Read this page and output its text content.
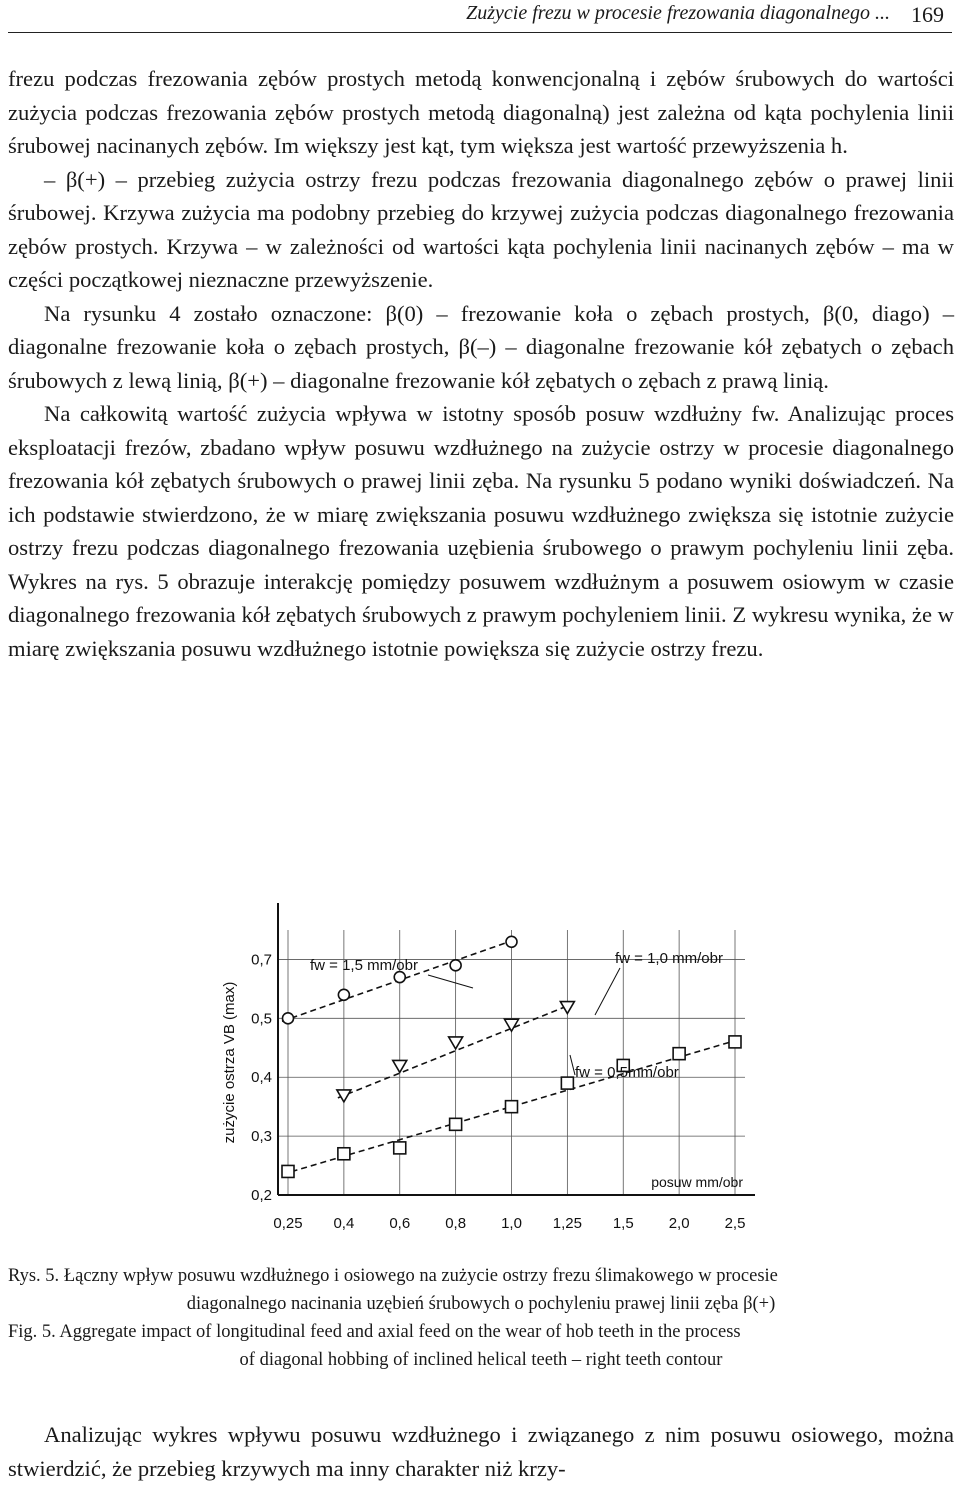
Zużycie frezu w procesie frezowania diagonalnego ... 169

frezu podczas frezowania zębów prostych metodą konwencjonalną i zębów śrubowych do wartości zużycia podczas frezowania zębów prostych metodą diagonalną) jest zależna od kąta pochylenia linii śrubowej nacinanych zębów. Im większy jest kąt, tym większa jest wartość przewyższenia h.

– β(+) – przebieg zużycia ostrzy frezu podczas frezowania diagonalnego zębów o prawej linii śrubowej. Krzywa zużycia ma podobny przebieg do krzywej zużycia podczas diagonalnego frezowania zębów prostych. Krzywa – w zależności od wartości kąta pochylenia linii nacinanych zębów – ma w części początkowej nieznaczne przewyższenie.

Na rysunku 4 zostało oznaczone: β(0) – frezowanie koła o zębach prostych, β(0, diago) – diagonalne frezowanie koła o zębach prostych, β(–) – diagonalne frezowanie kół zębatych o zębach śrubowych z lewą linią, β(+) – diagonalne frezowanie kół zębatych o zębach z prawą linią.

Na całkowitą wartość zużycia wpływa w istotny sposób posuw wzdłużny fw. Analizując proces eksploatacji frezów, zbadano wpływ posuwu wzdłużnego na zużycie ostrzy w procesie diagonalnego frezowania kół zębatych śrubowych o prawej linii zęba. Na rysunku 5 podano wyniki doświadczeń. Na ich podstawie stwierdzono, że w miarę zwiększania posuwu wzdłużnego zwiększa się istotnie zużycie ostrzy frezu podczas diagonalnego frezowania uzębienia śrubowego o prawym pochyleniu linii zęba. Wykres na rys. 5 obrazuje interakcję pomiędzy posuwem wzdłużnym a posuwem osiowym w czasie diagonalnego frezowania kół zębatych śrubowych z prawym pochyleniem linii. Z wykresu wynika, że w miarę zwiększania posuwu wzdłużnego istotnie powiększa się zużycie ostrzy frezu.

0,25 0,4 0,6 0,8 1,0 1,25 1,5 2,0 2,5
0,2
0,3
0,4
0,5
0,7
zużycie ostrza VB (max)
posuw mm/obr
fw = 1,5 mm/obr	fw = 1,0 mm/obr
fw = 0,5mm/obr
Rys. 5. Łączny wpływ posuwu wzdłużnego i osiowego na zużycie ostrzy frezu ślimakowego w procesie
diagonalnego nacinania uzębień śrubowych o pochyleniu prawej linii zęba β(+)
Fig. 5. Aggregate impact of longitudinal feed and axial feed on the wear of hob teeth in the process
of diagonal hobbing of inclined helical teeth – right teeth contour

Analizując wykres wpływu posuwu wzdłużnego i związanego z nim posuwu osiowego, można stwierdzić, że przebieg krzywych ma inny charakter niż krzy-
